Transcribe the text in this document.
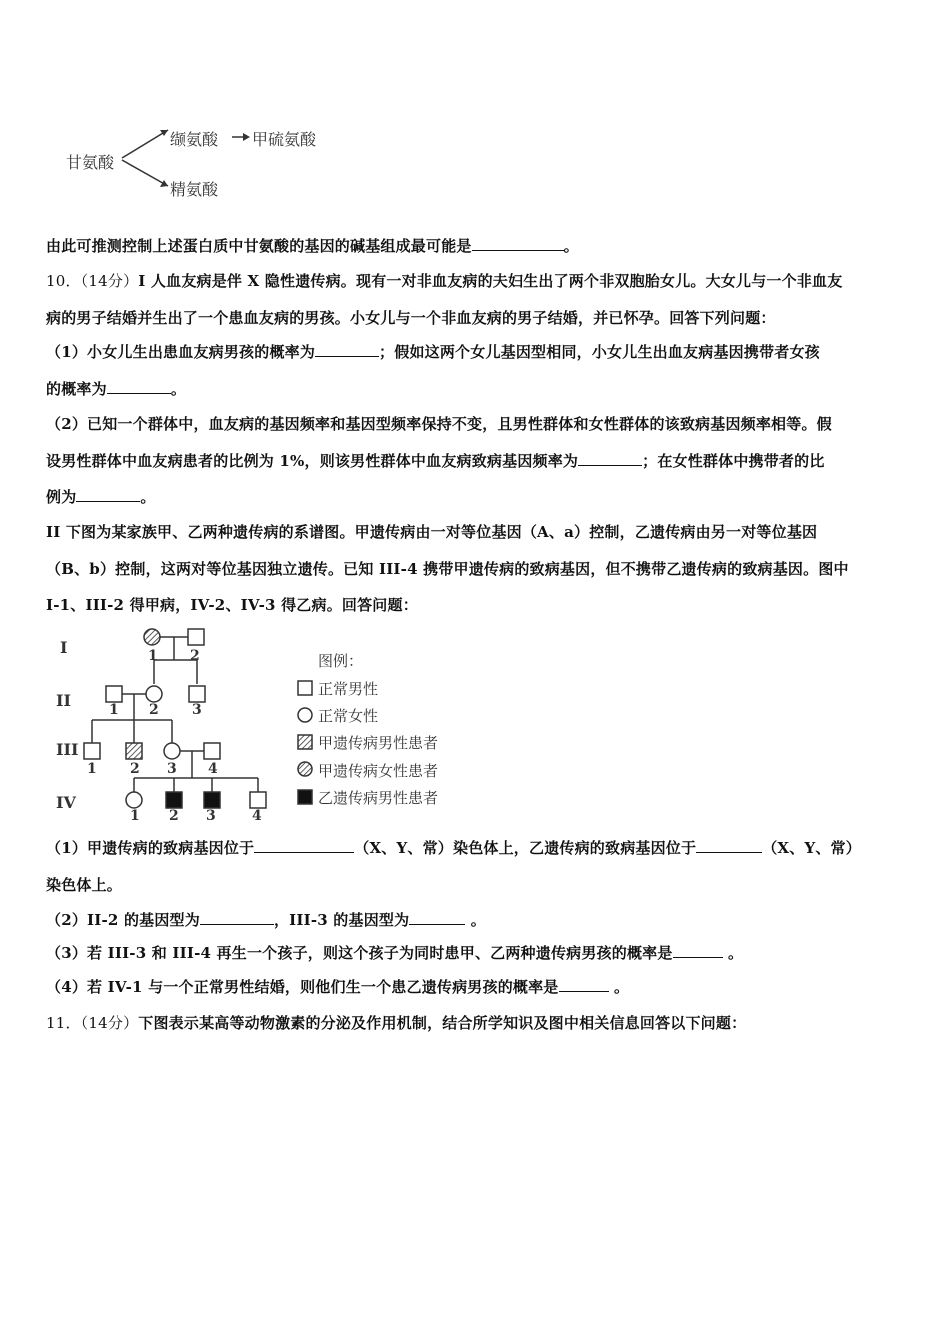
甘氨酸
缬氨酸 甲硫氨酸
精氨酸
由此可推测控制上述蛋白质中甘氨酸的基因的碱基组成最可能是	。
10．（14分）I 人血友病是伴 X 隐性遗传病。现有一对非血友病的夫妇生出了两个非双胞胎女儿。大女儿与一个非血友
病的男子结婚并生出了一个患血友病的男孩。小女儿与一个非血友病的男子结婚，并已怀孕。回答下列问题：
（1）小女儿生出患血友病男孩的概率为	；假如这两个女儿基因型相同，小女儿生出血友病基因携带者女孩
的概率为	。
（2）已知一个群体中，血友病的基因频率和基因型频率保持不变，且男性群体和女性群体的该致病基因频率相等。假
设男性群体中血友病患者的比例为 1%，则该男性群体中血友病致病基因频率为	；在女性群体中携带者的比
例为	。
II 下图为某家族甲、乙两种遗传病的系谱图。甲遗传病由一对等位基因（A、a）控制，乙遗传病由另一对等位基因
（B、b）控制，这两对等位基因独立遗传。已知 III-4 携带甲遗传病的致病基因，但不携带乙遗传病的致病基因。图中
I-1、III-2 得甲病，IV-2、IV-3 得乙病。回答问题：
I
II
III
IV
1 2
1 2 3
1 2 3 4
1 2 3	4
图例：
正常男性
正常女性
甲遗传病男性患者
甲遗传病女性患者
乙遗传病男性患者
（1）甲遗传病的致病基因位于	（X、Y、常）染色体上，乙遗传病的致病基因位于	（X、Y、常）
染色体上。
（2）II-2 的基因型为	，III-3 的基因型为	。
（3）若 III-3 和 III-4 再生一个孩子，则这个孩子为同时患甲、乙两种遗传病男孩的概率是	。
（4）若 IV-1 与一个正常男性结婚，则他们生一个患乙遗传病男孩的概率是	。
11．（14分）下图表示某高等动物激素的分泌及作用机制，结合所学知识及图中相关信息回答以下问题：
